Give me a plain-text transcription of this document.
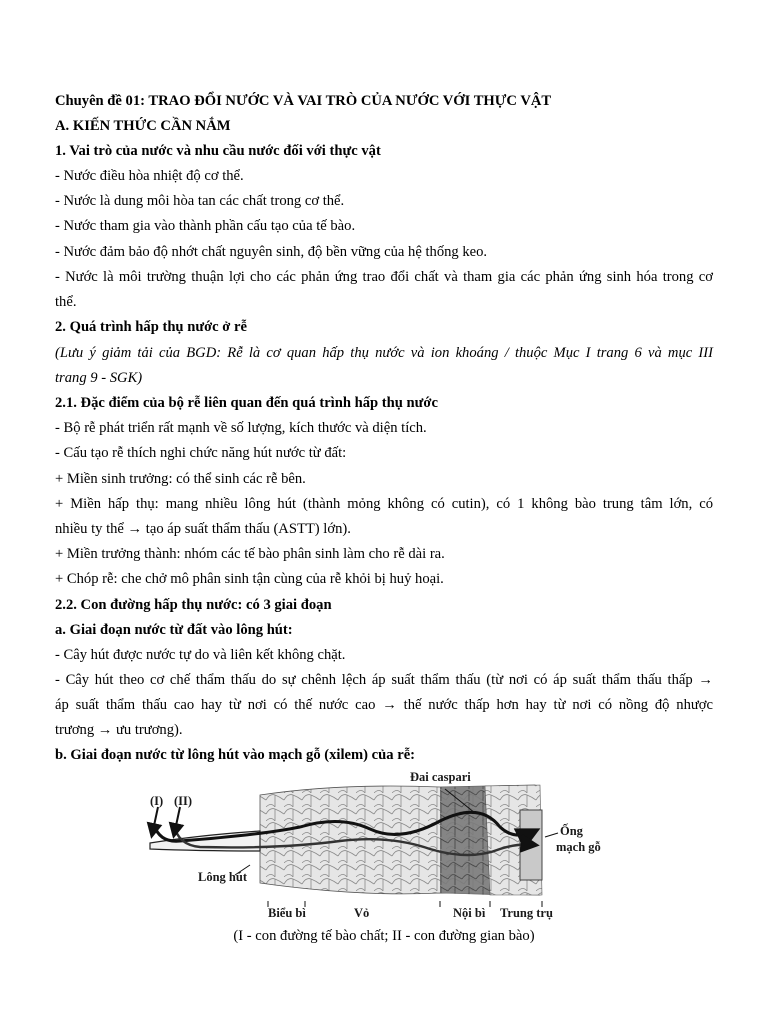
Chuyên đề 01: TRAO ĐỔI NƯỚC VÀ VAI TRÒ CỦA NƯỚC VỚI THỰC VẬT
A. KIẾN THỨC CẦN NẮM
1. Vai trò của nước và nhu cầu nước đối với thực vật
- Nước điều hòa nhiệt độ cơ thể.
- Nước là dung môi hòa tan các chất trong cơ thể.
- Nước tham gia vào thành phần cấu tạo của tế bào.
- Nước đảm bảo độ nhớt chất nguyên sinh, độ bền vững của hệ thống keo.
- Nước là môi trường thuận lợi cho các phản ứng trao đổi chất và tham gia các phản ứng sinh hóa trong cơ
thể.
2. Quá trình hấp thụ nước ở rễ
(Lưu ý giảm tải của BGD: Rễ là cơ quan hấp thụ nước và ion khoáng / thuộc Mục I trang 6 và mục III
trang 9 - SGK)
2.1. Đặc điểm của bộ rễ liên quan đến quá trình hấp thụ nước
- Bộ rễ phát triển rất mạnh về số lượng, kích thước và diện tích.
- Cấu tạo rễ thích nghi chức năng hút nước từ đất:
+ Miền sinh trưởng: có thể sinh các rễ bên.
+ Miền hấp thụ: mang nhiều lông hút (thành mỏng không có cutin), có 1 không bào trung tâm lớn, có
nhiều ty thể → tạo áp suất thẩm thấu (ASTT) lớn).
+ Miền trưởng thành: nhóm các tế bào phân sinh làm cho rễ dài ra.
+ Chóp rễ: che chở mô phân sinh tận cùng của rễ khỏi bị huỷ hoại.
2.2. Con đường hấp thụ nước: có 3 giai đoạn
a. Giai đoạn nước từ đất vào lông hút:
- Cây hút được nước tự do và liên kết không chặt.
- Cây hút theo cơ chế thẩm thấu do sự chênh lệch áp suất thẩm thấu (từ nơi có áp suất thẩm thấu thấp →
áp suất thẩm thấu cao hay từ nơi có thế nước cao → thế nước thấp hơn hay từ nơi có nồng độ nhược
trương → ưu trương).
b. Giai đoạn nước từ lông hút vào mạch gỗ (xilem) của rễ:
(I) (II)
Đai caspari
Ống
mạch gỗ
Lông hút
Biểu bì	Vỏ	Nội bì Trung trụ
(I - con đường tế bào chất; II - con đường gian bào)
